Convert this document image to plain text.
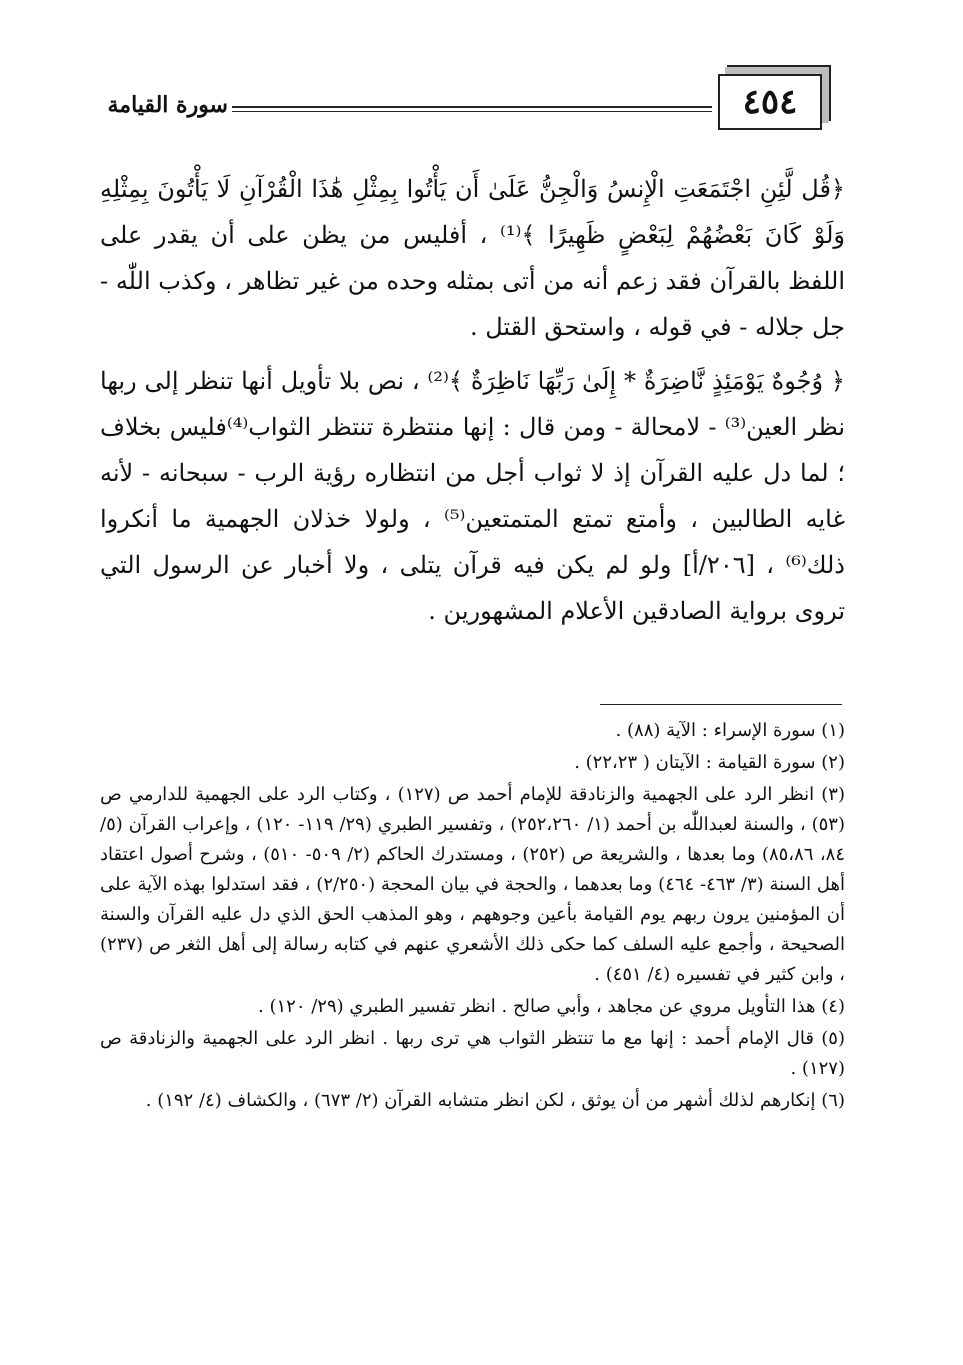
٤٥٤
سورة القيامة

﴿قُل لَّئِنِ اجْتَمَعَتِ الْإِنسُ وَالْجِنُّ عَلَىٰ أَن يَأْتُوا بِمِثْلِ هَٰذَا الْقُرْآنِ لَا يَأْتُونَ بِمِثْلِهِ وَلَوْ كَانَ بَعْضُهُمْ لِبَعْضٍ ظَهِيرًا ﴾⁽¹⁾ ، أفليس من يظن على أن يقدر على اللفظ بالقرآن فقد زعم أنه من أتى بمثله وحده من غير تظاهر ، وكذب اللّٰه - جل جلاله - في قوله ، واستحق القتل .

﴿ وُجُوهٌ يَوْمَئِذٍ نَّاضِرَةٌ * إِلَىٰ رَبِّهَا نَاظِرَةٌ ﴾⁽²⁾ ، نص بلا تأويل أنها تنظر إلى ربها نظر العين⁽³⁾ - لامحالة - ومن قال : إنها منتظرة تنتظر الثواب⁽⁴⁾فليس بخلاف ؛ لما دل عليه القرآن إذ لا ثواب أجل من انتظاره رؤية الرب - سبحانه - لأنه غايه الطالبين ، وأمتع تمتع المتمتعين⁽⁵⁾ ، ولولا خذلان الجهمية ما أنكروا ذلك⁽⁶⁾ ، [٢٠٦/أ] ولو لم يكن فيه قرآن يتلى ، ولا أخبار عن الرسول التي تروى برواية الصادقين الأعلام المشهورين .

(١) سورة الإسراء : الآية (٨٨) .
(٢) سورة القيامة : الآيتان ( ٢٢،٢٣) .
(٣) انظر الرد على الجهمية والزنادقة للإمام أحمد ص (١٢٧) ، وكتاب الرد على الجهمية للدارمي ص (٥٣) ، والسنة لعبداللّٰه بن أحمد (١/ ٢٥٢،٢٦٠) ، وتفسير الطبري (٢٩/ ١١٩- ١٢٠) ، وإعراب القرآن (٥/ ٨٤، ٨٥،٨٦) وما بعدها ، والشريعة ص (٢٥٢) ، ومستدرك الحاكم (٢/ ٥٠٩- ٥١٠) ، وشرح أصول اعتقاد أهل السنة (٣/ ٤٦٣- ٤٦٤) وما بعدهما ، والحجة في بيان المحجة (٢/٢٥٠) ، فقد استدلوا بهذه الآية على أن المؤمنين يرون ربهم يوم القيامة بأعين وجوههم ، وهو المذهب الحق الذي دل عليه القرآن والسنة الصحيحة ، وأجمع عليه السلف كما حكى ذلك الأشعري عنهم في كتابه رسالة إلى أهل الثغر ص (٢٣٧) ، وابن كثير في تفسيره (٤/ ٤٥١) .
(٤) هذا التأويل مروي عن مجاهد ، وأبي صالح . انظر تفسير الطبري (٢٩/ ١٢٠) .
(٥) قال الإمام أحمد : إنها مع ما تنتظر الثواب هي ترى ربها . انظر الرد على الجهمية والزنادقة ص (١٢٧) .
(٦) إنكارهم لذلك أشهر من أن يوثق ، لكن انظر متشابه القرآن (٢/ ٦٧٣) ، والكشاف (٤/ ١٩٢) .
